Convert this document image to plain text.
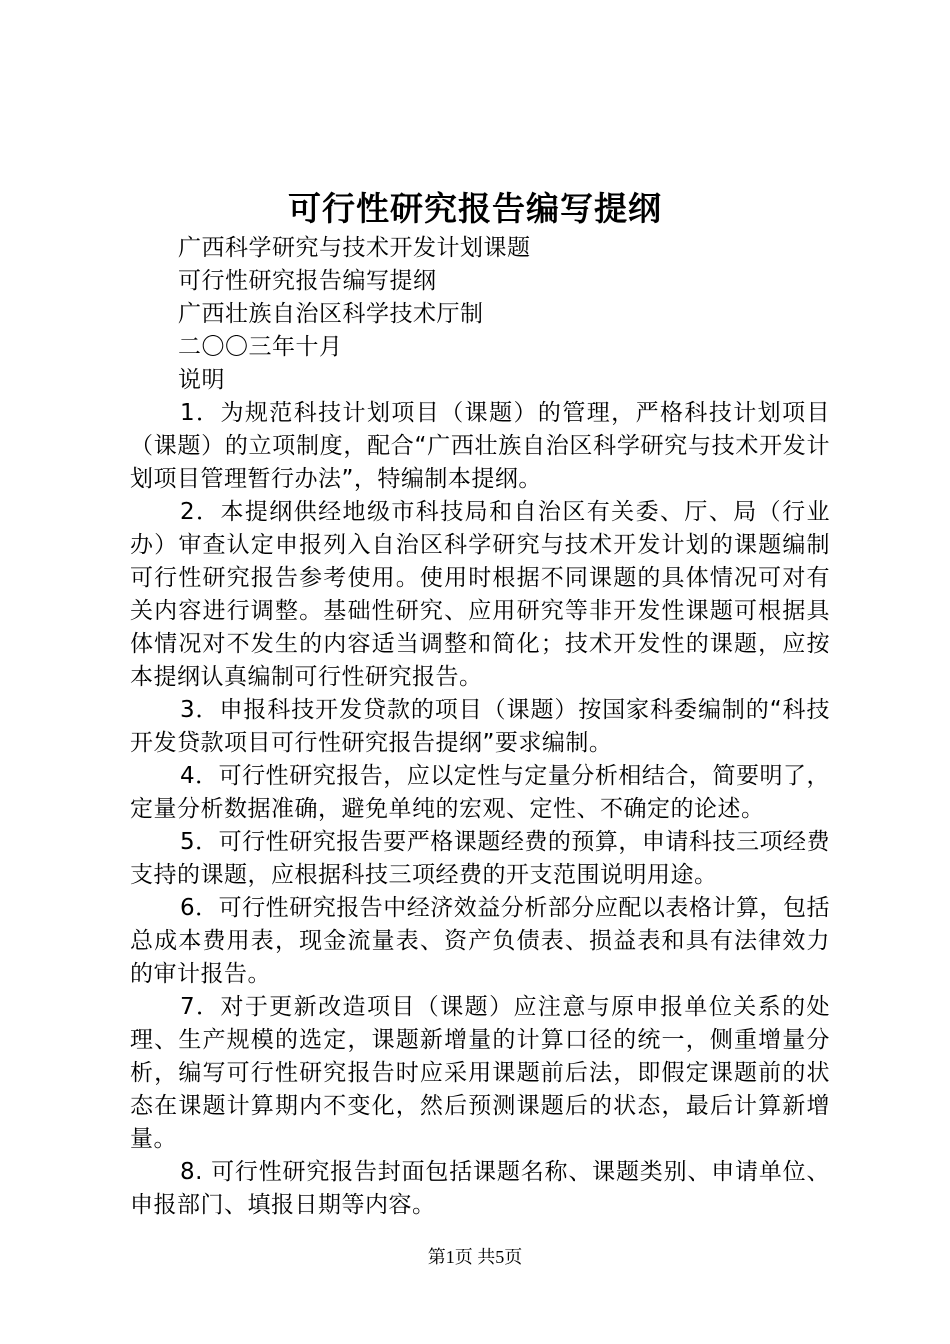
可行性研究报告编写提纲

广西科学研究与技术开发计划课题

可行性研究报告编写提纲

广西壮族自治区科学技术厅制

二〇〇三年十月

说明

1．为规范科技计划项目（课题）的管理，严格科技计划项目（课题）的立项制度，配合“广西壮族自治区科学研究与技术开发计划项目管理暂行办法”，特编制本提纲。

2．本提纲供经地级市科技局和自治区有关委、厅、局（行业办）审查认定申报列入自治区科学研究与技术开发计划的课题编制可行性研究报告参考使用。使用时根据不同课题的具体情况可对有关内容进行调整。基础性研究、应用研究等非开发性课题可根据具体情况对不发生的内容适当调整和简化；技术开发性的课题，应按本提纲认真编制可行性研究报告。

3．申报科技开发贷款的项目（课题）按国家科委编制的“科技开发贷款项目可行性研究报告提纲”要求编制。

4．可行性研究报告，应以定性与定量分析相结合，简要明了，定量分析数据准确，避免单纯的宏观、定性、不确定的论述。

5．可行性研究报告要严格课题经费的预算，申请科技三项经费支持的课题，应根据科技三项经费的开支范围说明用途。

6．可行性研究报告中经济效益分析部分应配以表格计算，包括总成本费用表，现金流量表、资产负债表、损益表和具有法律效力的审计报告。

7．对于更新改造项目（课题）应注意与原申报单位关系的处理、生产规模的选定，课题新增量的计算口径的统一，侧重增量分析，编写可行性研究报告时应采用课题前后法，即假定课题前的状态在课题计算期内不变化，然后预测课题后的状态，最后计算新增量。

8. 可行性研究报告封面包括课题名称、课题类别、申请单位、申报部门、填报日期等内容。

第1页 共5页
